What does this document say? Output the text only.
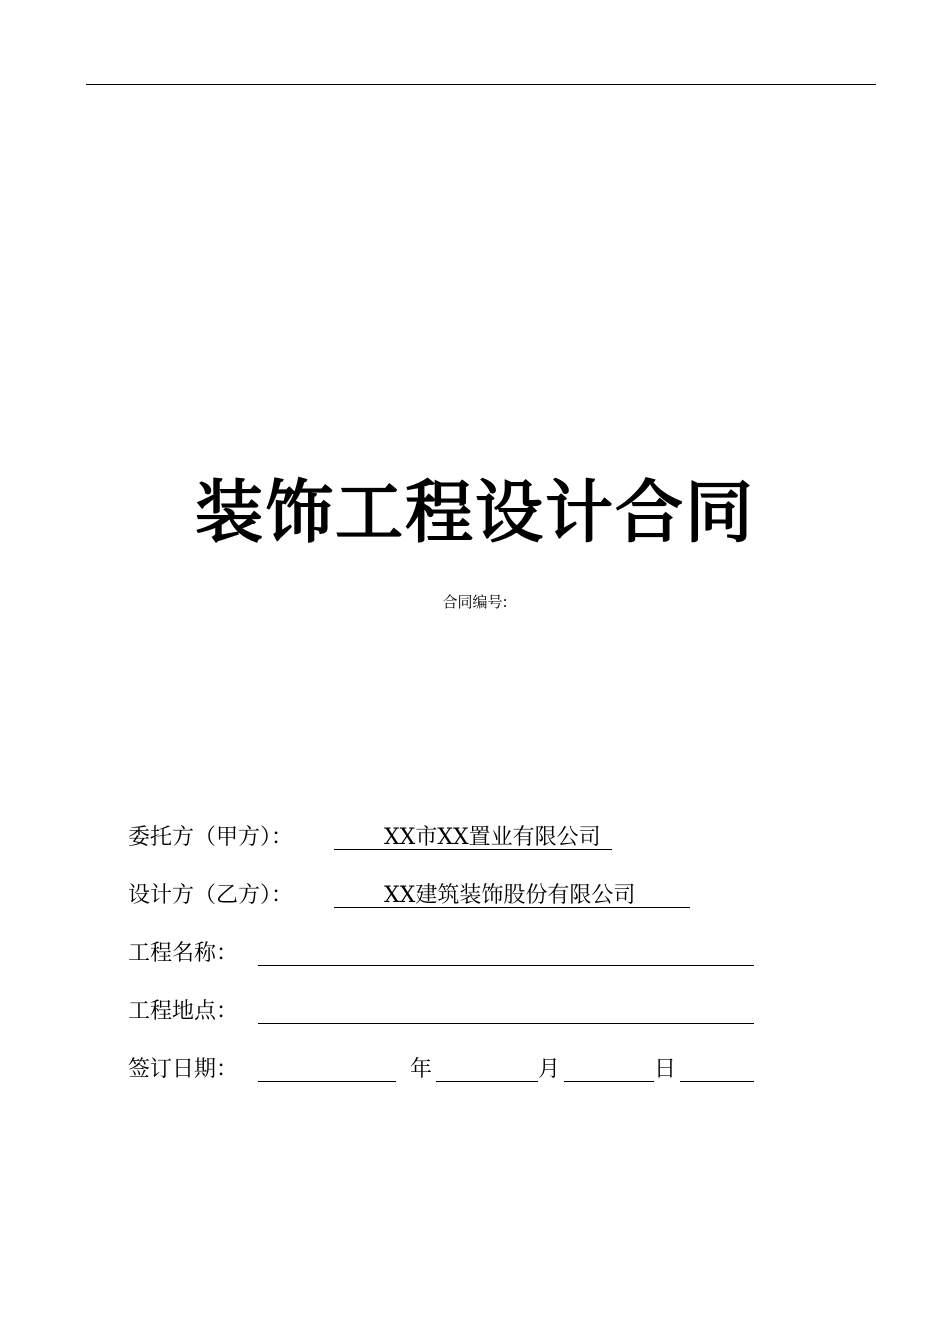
装饰工程设计合同
合同编号:
委托方（甲方）：	XX市XX置业有限公司
设计方（乙方）：	XX建筑装饰股份有限公司
工程名称：
工程地点：
签订日期：	年	月	日
